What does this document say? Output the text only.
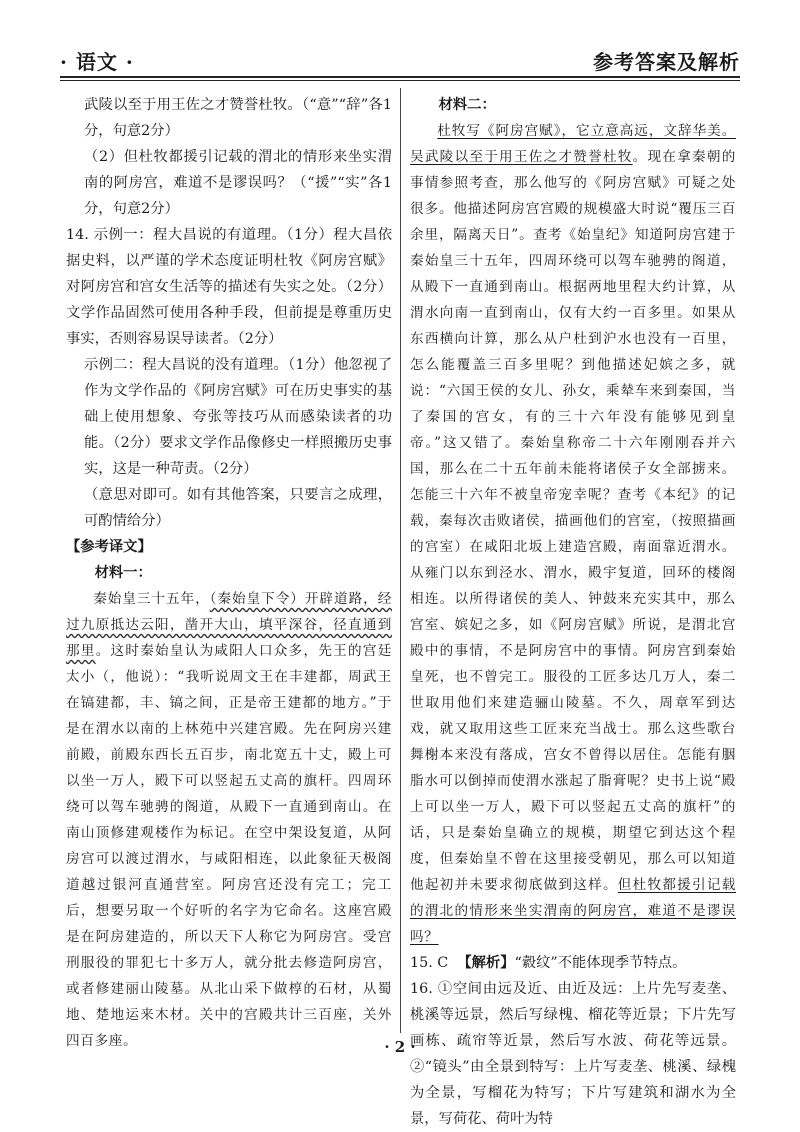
· 语文 ·	参考答案及解析

武陵以至于用王佐之才赞誉杜牧。（“意”“辞”各1分，句意2分）

（2）但杜牧都援引记载的渭北的情形来坐实渭南的阿房宫，难道不是谬误吗？（“援”“实”各1分，句意2分）

14. 示例一：程大昌说的有道理。（1分）程大昌依据史料，以严谨的学术态度证明杜牧《阿房宫赋》对阿房宫和宫女生活等的描述有失实之处。（2分）文学作品固然可使用各种手段，但前提是尊重历史事实，否则容易误导读者。（2分）

示例二：程大昌说的没有道理。（1分）他忽视了作为文学作品的《阿房宫赋》可在历史事实的基础上使用想象、夸张等技巧从而感染读者的功能。（2分）要求文学作品像修史一样照搬历史事实，这是一种苛责。（2分）

（意思对即可。如有其他答案，只要言之成理，可酌情给分）

【参考译文】

材料一：

秦始皇三十五年，（秦始皇下令）开辟道路，经过九原抵达云阳，凿开大山，填平深谷，径直通到那里。这时秦始皇认为咸阳人口众多，先王的宫廷太小（，他说）：“我听说周文王在丰建都，周武王在镐建都，丰、镐之间，正是帝王建都的地方。”于是在渭水以南的上林苑中兴建宫殿。先在阿房兴建前殿，前殿东西长五百步，南北宽五十丈，殿上可以坐一万人，殿下可以竖起五丈高的旗杆。四周环绕可以驾车驰骋的阁道，从殿下一直通到南山。在南山顶修建观楼作为标记。在空中架设复道，从阿房宫可以渡过渭水，与咸阳相连，以此象征天极阁道越过银河直通营室。阿房宫还没有完工；完工后，想要另取一个好听的名字为它命名。这座宫殿是在阿房建造的，所以天下人称它为阿房宫。受宫刑服役的罪犯七十多万人，就分批去修造阿房宫，或者修建丽山陵墓。从北山采下做椁的石材，从蜀地、楚地运来木材。关中的宫殿共计三百座，关外四百多座。

材料二：

杜牧写《阿房宫赋》，它立意高远，文辞华美。吴武陵以至于用王佐之才赞誉杜牧。现在拿秦朝的事情参照考查，那么他写的《阿房宫赋》可疑之处很多。他描述阿房宫宫殿的规模盛大时说“覆压三百余里，隔离天日”。查考《始皇纪》知道阿房宫建于秦始皇三十五年，四周环绕可以驾车驰骋的阁道，从殿下一直通到南山。根据两地里程大约计算，从渭水向南一直到南山，仅有大约一百多里。如果从东西横向计算，那么从户杜到沪水也没有一百里，怎么能覆盖三百多里呢？到他描述妃嫔之多，就说：“六国王侯的女儿、孙女，乘辇车来到秦国，当了秦国的宫女，有的三十六年没有能够见到皇帝。”这又错了。秦始皇称帝二十六年刚刚吞并六国，那么在二十五年前未能将诸侯子女全部掳来。怎能三十六年不被皇帝宠幸呢？查考《本纪》的记载，秦每次击败诸侯，描画他们的宫室，（按照描画的宫室）在咸阳北坂上建造宫殿，南面靠近渭水。从雍门以东到泾水、渭水，殿宇复道，回环的楼阁相连。以所得诸侯的美人、钟鼓来充实其中，那么宫室、嫔妃之多，如《阿房宫赋》所说，是渭北宫殿中的事情，不是阿房宫中的事情。阿房宫到秦始皇死，也不曾完工。服役的工匠多达几万人，秦二世取用他们来建造骊山陵墓。不久，周章军到达戏，就又取用这些工匠来充当战士。那么这些歌台舞榭本来没有落成，宫女不曾得以居住。怎能有胭脂水可以倒掉而使渭水涨起了脂膏呢？史书上说“殿上可以坐一万人，殿下可以竖起五丈高的旗杆”的话，只是秦始皇确立的规模，期望它到达这个程度，但秦始皇不曾在这里接受朝见，那么可以知道他起初并未要求彻底做到这样。但杜牧都援引记载的渭北的情形来坐实渭南的阿房宫，难道不是谬误吗？

15. C 【解析】“縠纹”不能体现季节特点。

16. ①空间由远及近、由近及远：上片先写麦垄、桃溪等远景，然后写绿槐、榴花等近景；下片先写画栋、疏帘等近景，然后写水波、荷花等远景。②“镜头”由全景到特写：上片写麦垄、桃溪、绿槐为全景，写榴花为特写；下片写建筑和湖水为全景，写荷花、荷叶为特

· 2 ·
